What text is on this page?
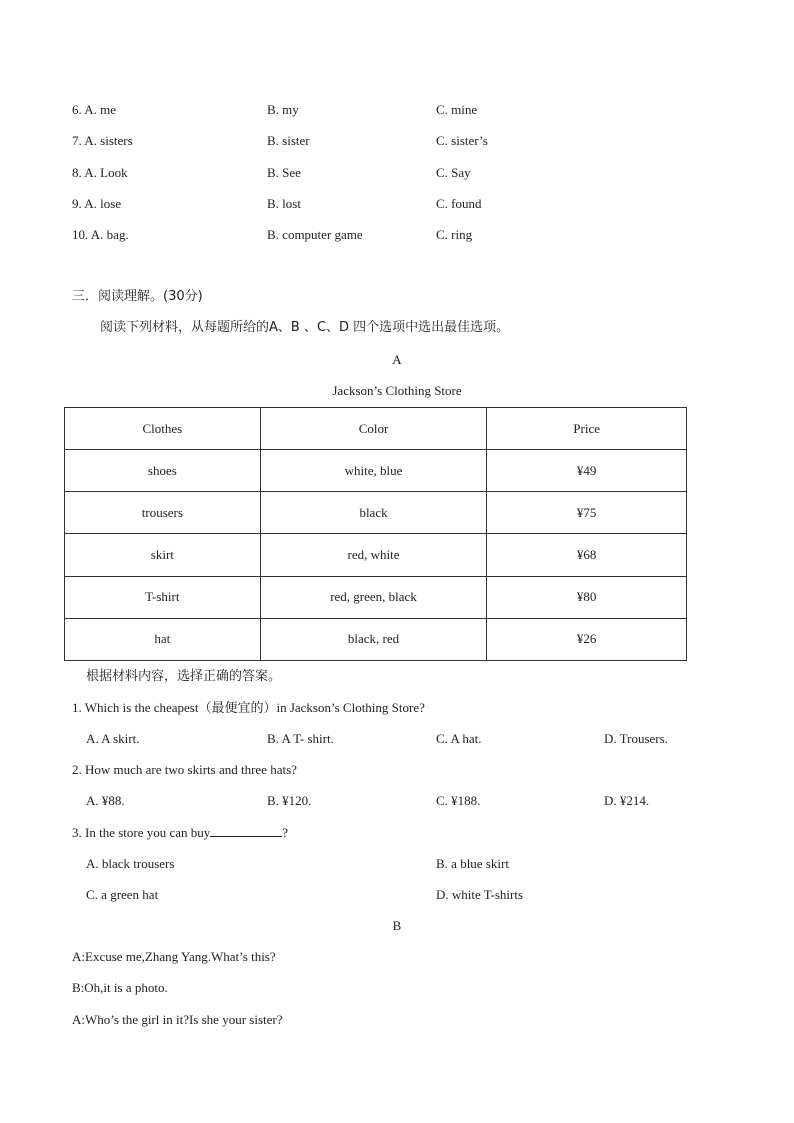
6. A. me	B. my	C. mine
7. A. sisters	B. sister	C. sister’s
8. A. Look	B. See	C. Say
9. A. lose	B. lost	C. found
10. A. bag.	B. computer game	C. ring
三．阅读理解。(30分)
阅读下列材料，从每题所给的A、B 、C、D 四个选项中选出最佳选项。
A
Jackson’s Clothing Store
Clothes	Color	Price
shoes	white, blue	¥49
trousers	black	¥75
skirt	red, white	¥68
T-shirt	red, green, black	¥80
hat	black, red	¥26
根据材料内容，选择正确的答案。
1. Which is the cheapest（最便宜的）in Jackson’s Clothing Store?
A. A skirt.	B. A T- shirt.	C. A hat.	D. Trousers.
2. How much are two skirts and three hats?
A. ¥88.	B. ¥120.	C. ¥188.	D. ¥214.
3. In the store you can buy	?
A. black trousers	B. a blue skirt
C. a green hat	D. white T-shirts
B
A:Excuse me,Zhang Yang.What’s this?
B:Oh,it is a photo.
A:Who’s the girl in it?Is she your sister?
